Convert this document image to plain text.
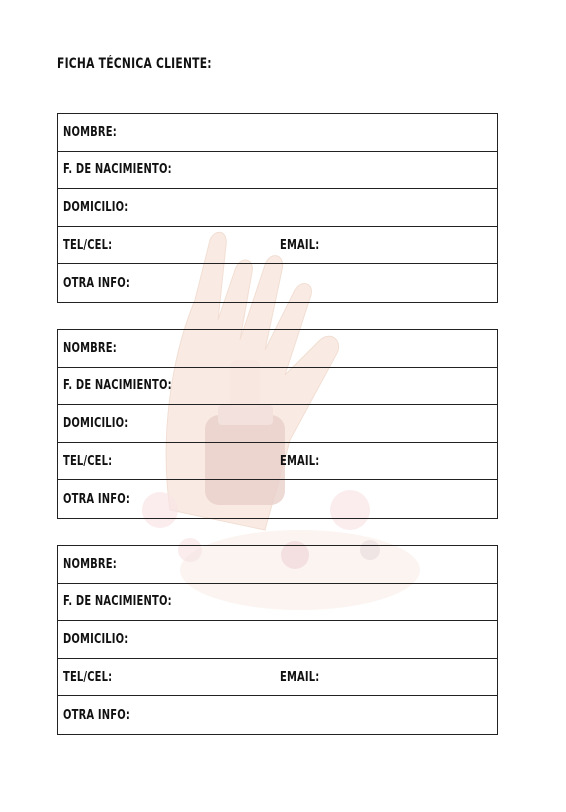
FICHA TÉCNICA CLIENTE:
NOMBRE:
F. DE NACIMIENTO:
DOMICILIO:
TEL/CEL:	EMAIL:
OTRA INFO:
NOMBRE:
F. DE NACIMIENTO:
DOMICILIO:
TEL/CEL:	EMAIL:
OTRA INFO:
NOMBRE:
F. DE NACIMIENTO:
DOMICILIO:
TEL/CEL:	EMAIL:
OTRA INFO:
